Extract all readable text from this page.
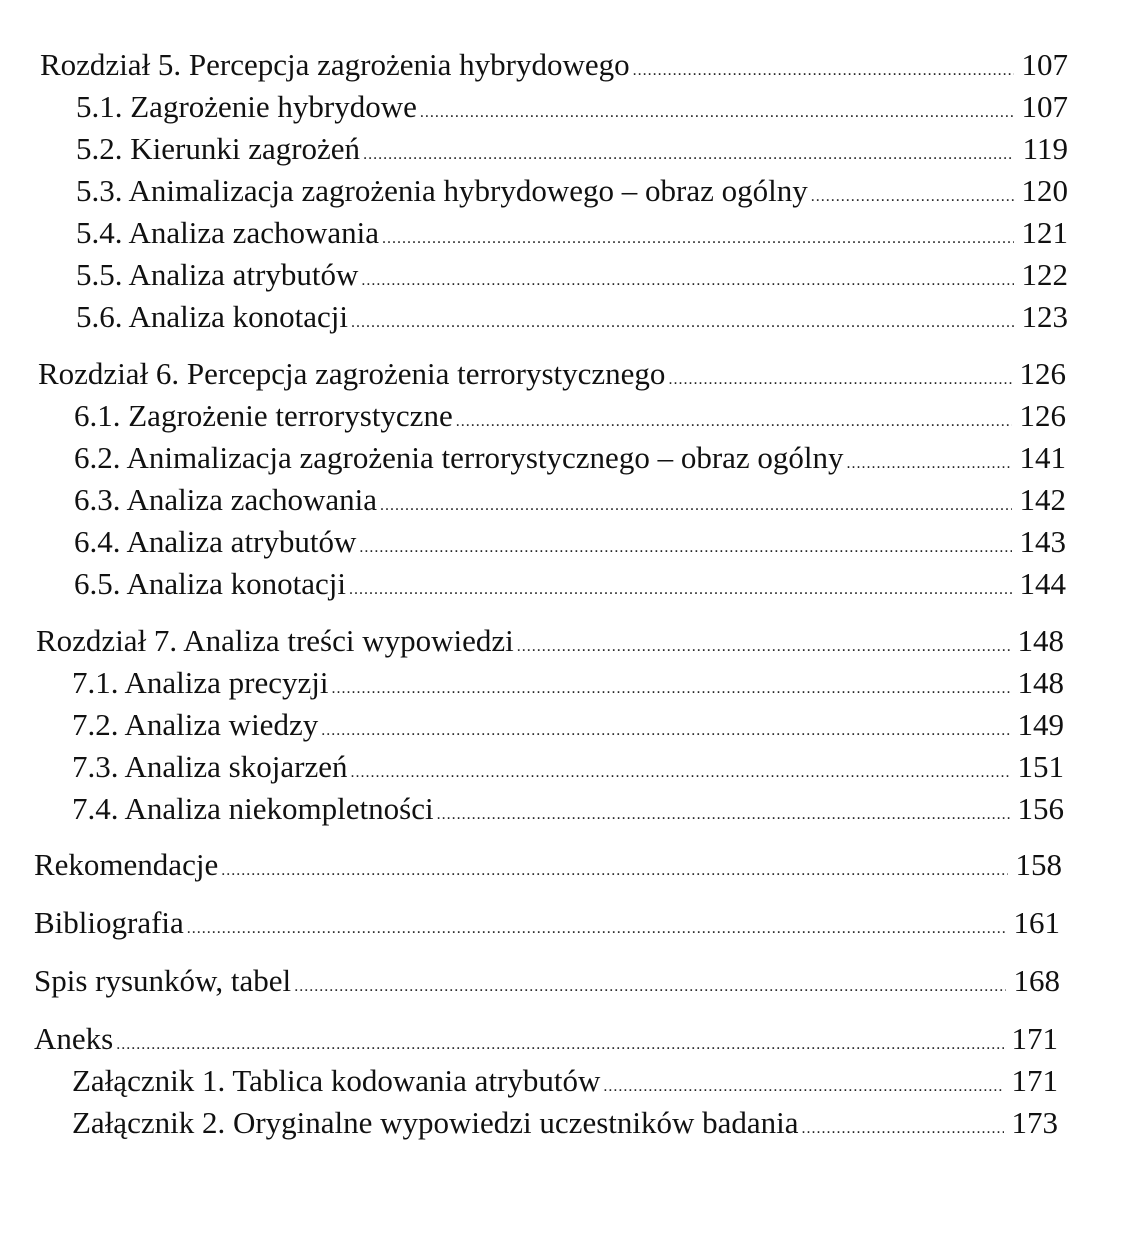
Rozdział 5. Percepcja zagrożenia hybrydowego .....	107
5.1. Zagrożenie hybrydowe .....	107
5.2. Kierunki zagrożeń .....	119
5.3. Animalizacja zagrożenia hybrydowego – obraz ogólny .....	120
5.4. Analiza zachowania .....	121
5.5. Analiza atrybutów .....	122
5.6. Analiza konotacji .....	123
Rozdział 6. Percepcja zagrożenia terrorystycznego .....	126
6.1. Zagrożenie terrorystyczne .....	126
6.2. Animalizacja zagrożenia terrorystycznego – obraz ogólny .....	141
6.3. Analiza zachowania .....	142
6.4. Analiza atrybutów .....	143
6.5. Analiza konotacji .....	144
Rozdział 7. Analiza treści wypowiedzi .....	148
7.1. Analiza precyzji .....	148
7.2. Analiza wiedzy .....	149
7.3. Analiza skojarzeń .....	151
7.4. Analiza niekompletności .....	156
Rekomendacje .....	158
Bibliografia .....	161
Spis rysunków, tabel .....	168
Aneks .....	171
Załącznik 1. Tablica kodowania atrybutów .....	171
Załącznik 2. Oryginalne wypowiedzi uczestników badania .....	173
